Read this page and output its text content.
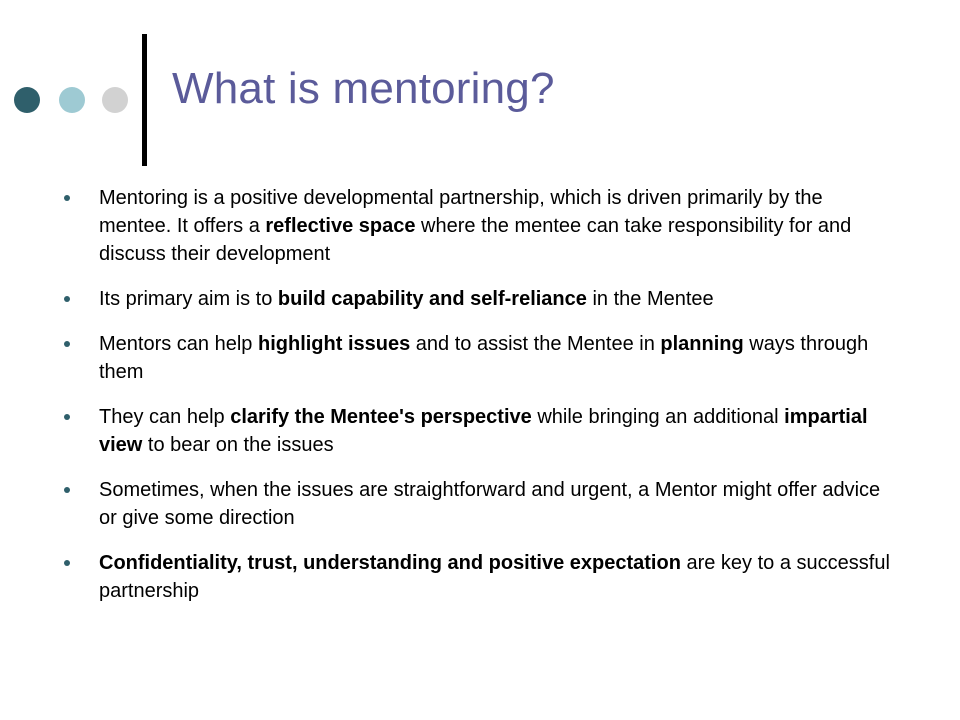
What is mentoring?
Mentoring is a positive developmental partnership, which is driven primarily by the mentee. It offers a reflective space where the mentee can take responsibility for and discuss their development
Its primary aim is to build capability and self-reliance in the Mentee
Mentors can help highlight issues and to assist the Mentee in planning ways through them
They can help clarify the Mentee's perspective while bringing an additional impartial view to bear on the issues
Sometimes, when the issues are straightforward and urgent, a Mentor might offer advice or give some direction
Confidentiality, trust, understanding and positive expectation are key to a successful partnership
